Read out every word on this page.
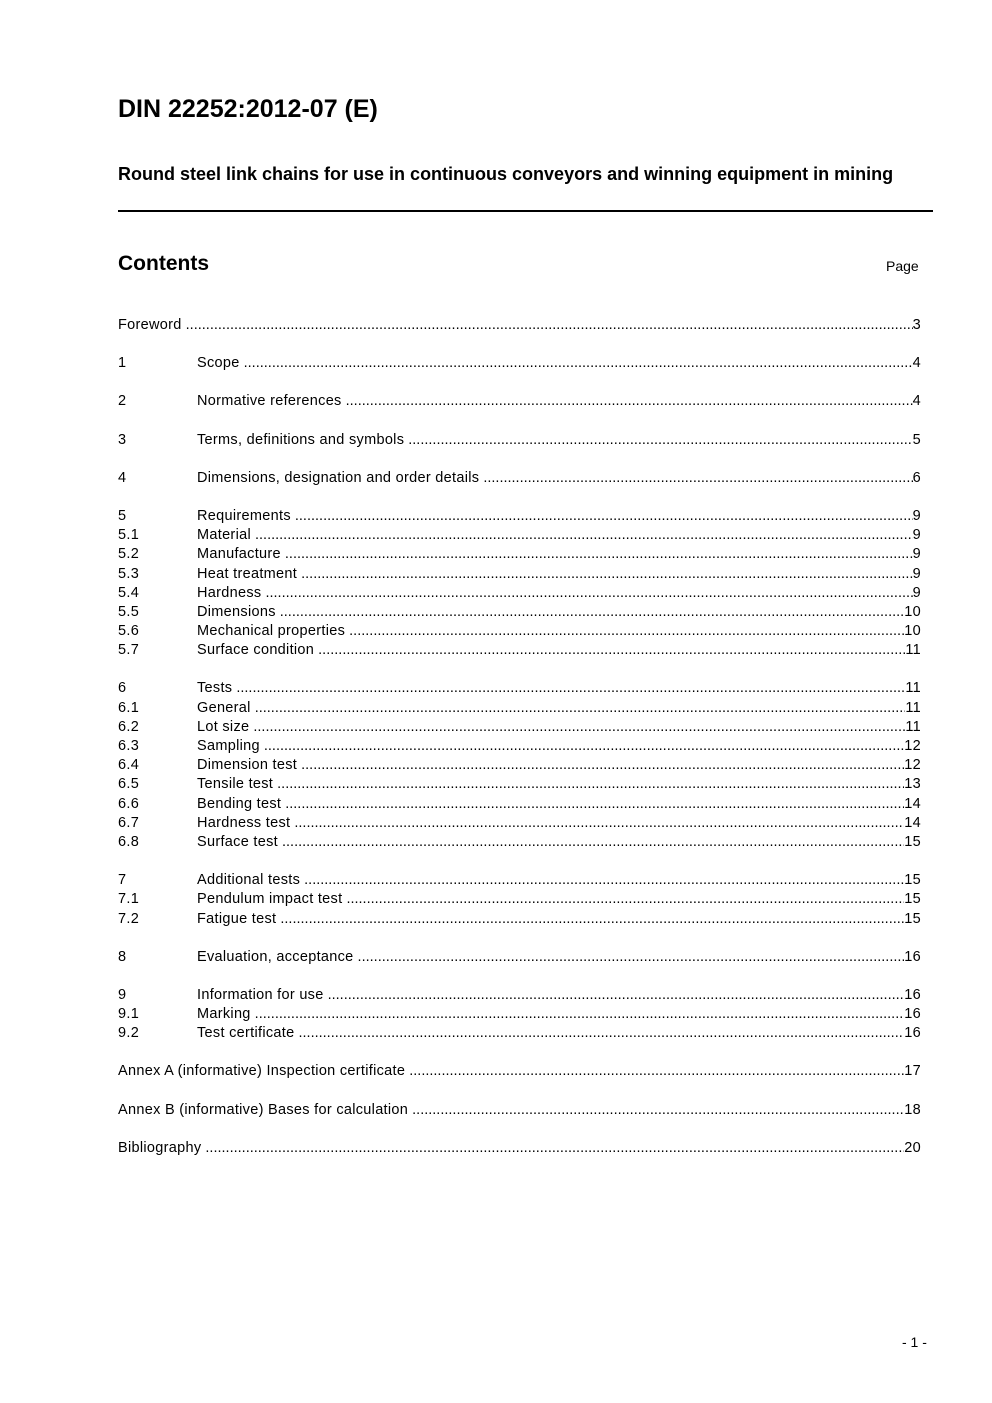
DIN 22252:2012-07 (E)
Round steel link chains for use in continuous conveyors and winning equipment in mining
Contents	Page
Foreword .....	3
1	Scope .....	4
2	Normative references .....	4
3	Terms, definitions and symbols .....	5
4	Dimensions, designation and order details .....	6
5	Requirements .....	9
5.1	Material .....	9
5.2	Manufacture .....	9
5.3	Heat treatment .....	9
5.4	Hardness .....	9
5.5	Dimensions .....	10
5.6	Mechanical properties .....	10
5.7	Surface condition .....	11
6	Tests .....	11
6.1	General .....	11
6.2	Lot size .....	11
6.3	Sampling .....	12
6.4	Dimension test .....	12
6.5	Tensile test .....	13
6.6	Bending test .....	14
6.7	Hardness test .....	14
6.8	Surface test .....	15
7	Additional tests .....	15
7.1	Pendulum impact test .....	15
7.2	Fatigue test .....	15
8	Evaluation, acceptance .....	16
9	Information for use .....	16
9.1	Marking .....	16
9.2	Test certificate .....	16
Annex A (informative) Inspection certificate .....	17
Annex B (informative) Bases for calculation .....	18
Bibliography .....	20
- 1 -
